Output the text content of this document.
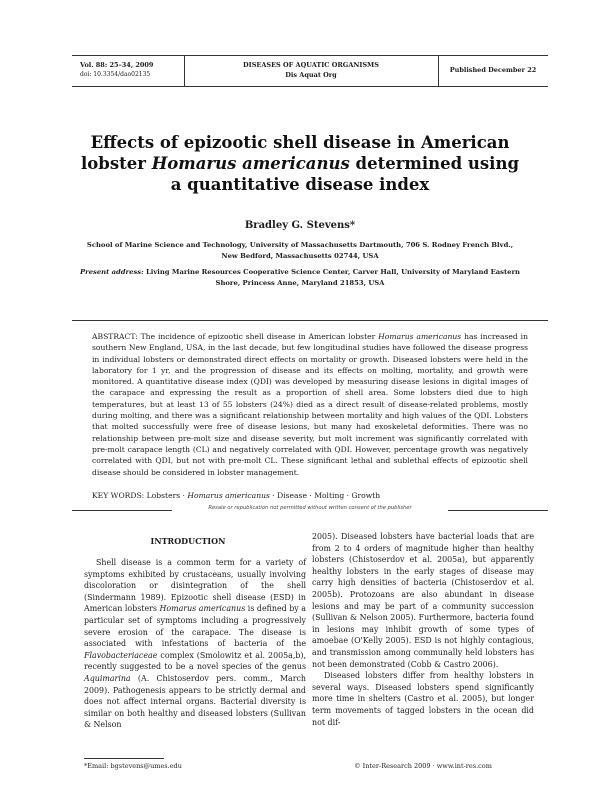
Vol. 88: 25–34, 2009
doi: 10.3354/dao02135
DISEASES OF AQUATIC ORGANISMS
Dis Aquat Org
Published December 22
Effects of epizootic shell disease in American lobster Homarus americanus determined using a quantitative disease index
Bradley G. Stevens*
School of Marine Science and Technology, University of Massachusetts Dartmouth, 706 S. Rodney French Blvd.,
New Bedford, Massachusetts 02744, USA
Present address: Living Marine Resources Cooperative Science Center, Carver Hall, University of Maryland Eastern Shore, Princess Anne, Maryland 21853, USA
ABSTRACT: The incidence of epizootic shell disease in American lobster Homarus americanus has increased in southern New England, USA, in the last decade, but few longitudinal studies have followed the disease progress in individual lobsters or demonstrated direct effects on mortality or growth. Diseased lobsters were held in the laboratory for 1 yr, and the progression of disease and its effects on molting, mortality, and growth were monitored. A quantitative disease index (QDI) was developed by measuring disease lesions in digital images of the carapace and expressing the result as a proportion of shell area. Some lobsters died due to high temperatures, but at least 13 of 55 lobsters (24%) died as a direct result of disease-related problems, mostly during molting, and there was a significant relationship between mortality and high values of the QDI. Lobsters that molted successfully were free of disease lesions, but many had exoskeletal deformities. There was no relationship between pre-molt size and disease severity, but molt increment was significantly correlated with pre-molt carapace length (CL) and negatively correlated with QDI. However, percentage growth was negatively correlated with QDI, but not with pre-molt CL. These significant lethal and sublethal effects of epizootic shell disease should be considered in lobster management.
KEY WORDS: Lobsters · Homarus americanus · Disease · Molting · Growth
Resale or republication not permitted without written consent of the publisher
INTRODUCTION
Shell disease is a common term for a variety of symptoms exhibited by crustaceans, usually involving discoloration or disintegration of the shell (Sindermann 1989). Epizootic shell disease (ESD) in American lobsters Homarus americanus is defined by a particular set of symptoms including a progressively severe erosion of the carapace. The disease is associated with infestations of bacteria of the Flavobacteriaceae complex (Smolowitz et al. 2005a,b), recently suggested to be a novel species of the genus Aquimarina (A. Chistoserdov pers. comm., March 2009). Pathogenesis appears to be strictly dermal and does not affect internal organs. Bacterial diversity is similar on both healthy and diseased lobsters (Sullivan & Nelson

2005). Diseased lobsters have bacterial loads that are from 2 to 4 orders of magnitude higher than healthy lobsters (Chistoserdov et al. 2005a), but apparently healthy lobsters in the early stages of disease may carry high densities of bacteria (Chistoserdov et al. 2005b). Protozoans are also abundant in disease lesions and may be part of a community succession (Sullivan & Nelson 2005). Furthermore, bacteria found in lesions may inhibit growth of some types of amoebae (O'Kelly 2005). ESD is not highly contagious, and transmission among communally held lobsters has not been demonstrated (Cobb & Castro 2006).

Diseased lobsters differ from healthy lobsters in several ways. Diseased lobsters spend significantly more time in shelters (Castro et al. 2005), but longer term movements of tagged lobsters in the ocean did not dif-

*Email: bgstevens@umes.edu	© Inter-Research 2009 · www.int-res.com
